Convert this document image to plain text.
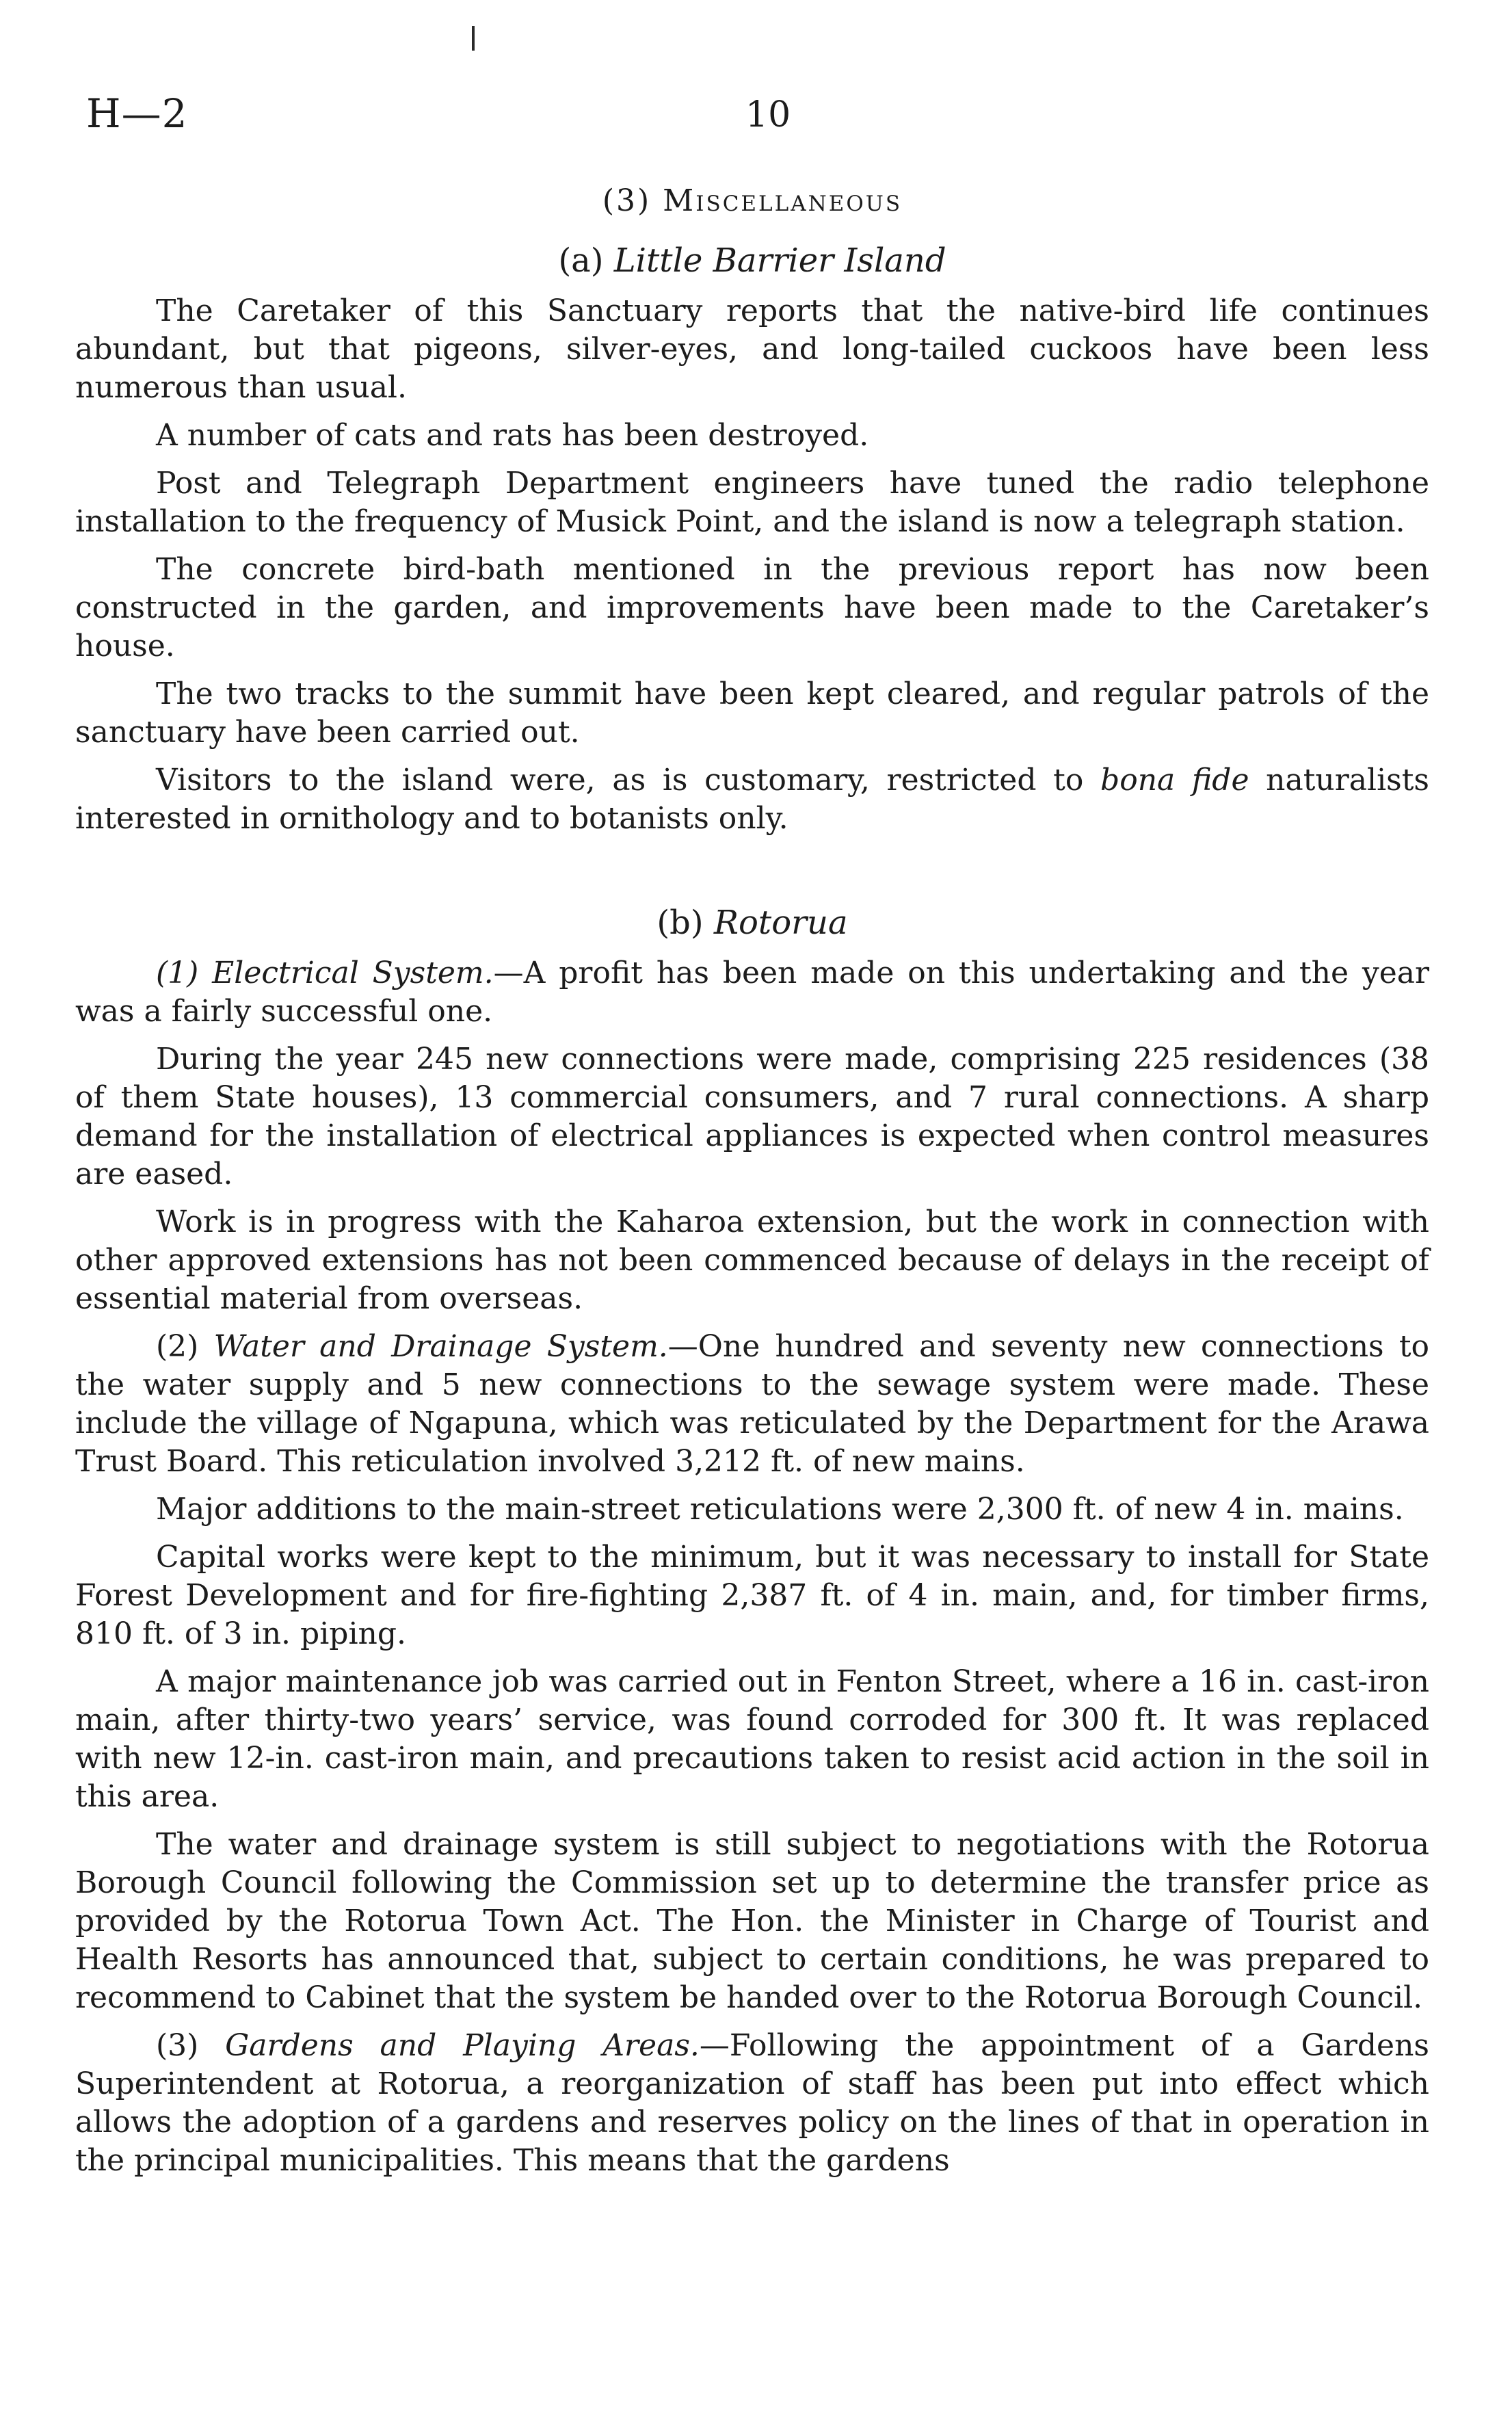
H—2	10
(3) Miscellaneous
(a) Little Barrier Island

The Caretaker of this Sanctuary reports that the native-bird life continues abundant, but that pigeons, silver-eyes, and long-tailed cuckoos have been less numerous than usual.

A number of cats and rats has been destroyed.

Post and Telegraph Department engineers have tuned the radio telephone installation to the frequency of Musick Point, and the island is now a telegraph station.

The concrete bird-bath mentioned in the previous report has now been constructed in the garden, and improvements have been made to the Caretaker’s house.

The two tracks to the summit have been kept cleared, and regular patrols of the sanctuary have been carried out.

Visitors to the island were, as is customary, restricted to bona fide naturalists interested in ornithology and to botanists only.

(b) Rotorua

(1) Electrical System.—A profit has been made on this undertaking and the year was a fairly successful one.

During the year 245 new connections were made, comprising 225 residences (38 of them State houses), 13 commercial consumers, and 7 rural connections. A sharp demand for the installation of electrical appliances is expected when control measures are eased.

Work is in progress with the Kaharoa extension, but the work in connection with other approved extensions has not been commenced because of delays in the receipt of essential material from overseas.

(2) Water and Drainage System.—One hundred and seventy new connections to the water supply and 5 new connections to the sewage system were made. These include the village of Ngapuna, which was reticulated by the Department for the Arawa Trust Board. This reticulation involved 3,212 ft. of new mains.

Major additions to the main-street reticulations were 2,300 ft. of new 4 in. mains.

Capital works were kept to the minimum, but it was necessary to install for State Forest Development and for fire-fighting 2,387 ft. of 4 in. main, and, for timber firms, 810 ft. of 3 in. piping.

A major maintenance job was carried out in Fenton Street, where a 16 in. cast-iron main, after thirty-two years’ service, was found corroded for 300 ft. It was replaced with new 12-in. cast-iron main, and precautions taken to resist acid action in the soil in this area.

The water and drainage system is still subject to negotiations with the Rotorua Borough Council following the Commission set up to determine the transfer price as provided by the Rotorua Town Act. The Hon. the Minister in Charge of Tourist and Health Resorts has announced that, subject to certain conditions, he was prepared to recommend to Cabinet that the system be handed over to the Rotorua Borough Council.

(3) Gardens and Playing Areas.—Following the appointment of a Gardens Superintendent at Rotorua, a reorganization of staff has been put into effect which allows the adoption of a gardens and reserves policy on the lines of that in operation in the principal municipalities. This means that the gardens
